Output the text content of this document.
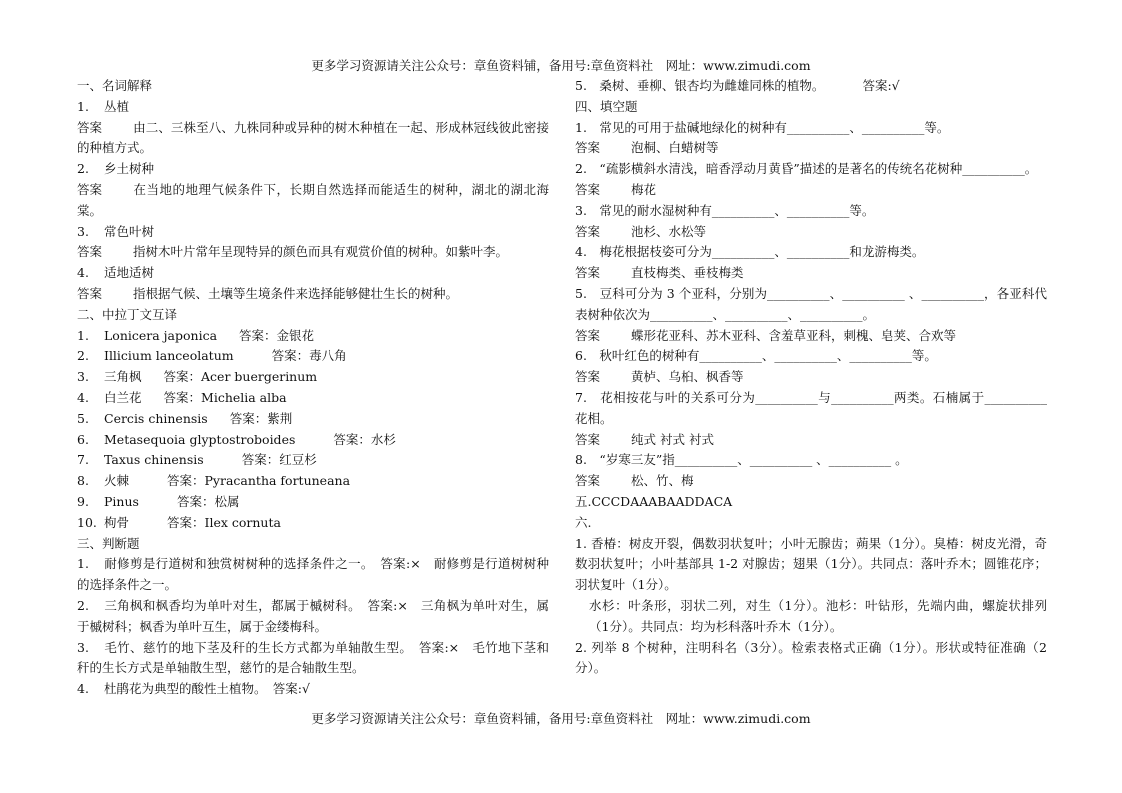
更多学习资源请关注公众号：章鱼资料铺，备用号:章鱼资料社　网址：www.zimudi.com
一、名词解释
1. 丛植
答案 由二、三株至八、九株同种或异种的树木种植在一起、形成林冠线彼此密接的种植方式。
2. 乡土树种
答案 在当地的地理气候条件下，长期自然选择而能适生的树种，湖北的湖北海棠。
3. 常色叶树
答案 指树木叶片常年呈现特异的颜色而具有观赏价值的树种。如紫叶李。
4. 适地适树
答案 指根据气候、土壤等生境条件来选择能够健壮生长的树种。
二、中拉丁文互译
1. Lonicera japonica 答案：金银花
2. Illicium lanceolatum	答案：毒八角
3. 三角枫 答案：Acer buergerinum
4. 白兰花 答案：Michelia alba
5. Cercis chinensis 答案：紫荆
6. Metasequoia glyptostroboides	答案：水杉
7. Taxus chinensis	答案：红豆杉
8. 火棘	答案：Pyracantha fortuneana
9. Pinus	答案：松属
10. 枸骨	答案：Ilex cornuta
三、判断题
1. 耐修剪是行道树和独赏树树种的选择条件之一。　 答案:×　 耐修剪是行道树树种的选择条件之一。
2. 三角枫和枫香均为单叶对生，都属于槭树科。　 答案:×　 三角枫为单叶对生，属于槭树科；枫香为单叶互生，属于金缕梅科。
3. 毛竹、慈竹的地下茎及秆的生长方式都为单轴散生型。　 答案:×　 毛竹地下茎和秆的生长方式是单轴散生型，慈竹的是合轴散生型。
4. 杜鹃花为典型的酸性土植物。　 答案:√
5.　桑树、垂柳、银杏均为雌雄同株的植物。	答案:√
四、填空题
1.　常见的可用于盐碱地绿化的树种有__________、__________等。
答案 泡桐、白蜡树等
2.　“疏影横斜水清浅，暗香浮动月黄昏”描述的是著名的传统名花树种__________。
答案 梅花
3.　常见的耐水湿树种有__________、__________等。
答案 池杉、水松等
4.　梅花根据枝姿可分为__________、__________和龙游梅类。
答案 直枝梅类、垂枝梅类
5.　豆科可分为 3 个亚科，分别为__________、__________ 、__________，各亚科代表树种依次为__________、__________、__________。
答案 蝶形花亚科、苏木亚科、含羞草亚科，刺槐、皂荚、合欢等
6.　秋叶红色的树种有__________、__________、__________等。
答案 黄栌、乌桕、枫香等
7.　花相按花与叶的关系可分为__________与__________两类。石楠属于__________花相。
答案 纯式 衬式 衬式
8.　“岁寒三友”指__________、__________ 、__________ 。
答案 松、竹、梅
五.CCCDAAABAADDACA
六.
1. 香椿：树皮开裂，偶数羽状复叶；小叶无腺齿；蒴果（1分）。臭椿：树皮光滑，奇数羽状复叶；小叶基部具 1-2 对腺齿；翅果（1分）。共同点：落叶乔木；圆锥花序；羽状复叶（1分）。
水杉：叶条形，羽状二列，对生（1分）。池杉：叶钻形，先端内曲，螺旋状排列（1分）。共同点：均为杉科落叶乔木（1分）。
2. 列举 8 个树种，注明科名（3分）。检索表格式正确（1分）。形状或特征准确（2分）。
更多学习资源请关注公众号：章鱼资料铺，备用号:章鱼资料社　网址：www.zimudi.com
